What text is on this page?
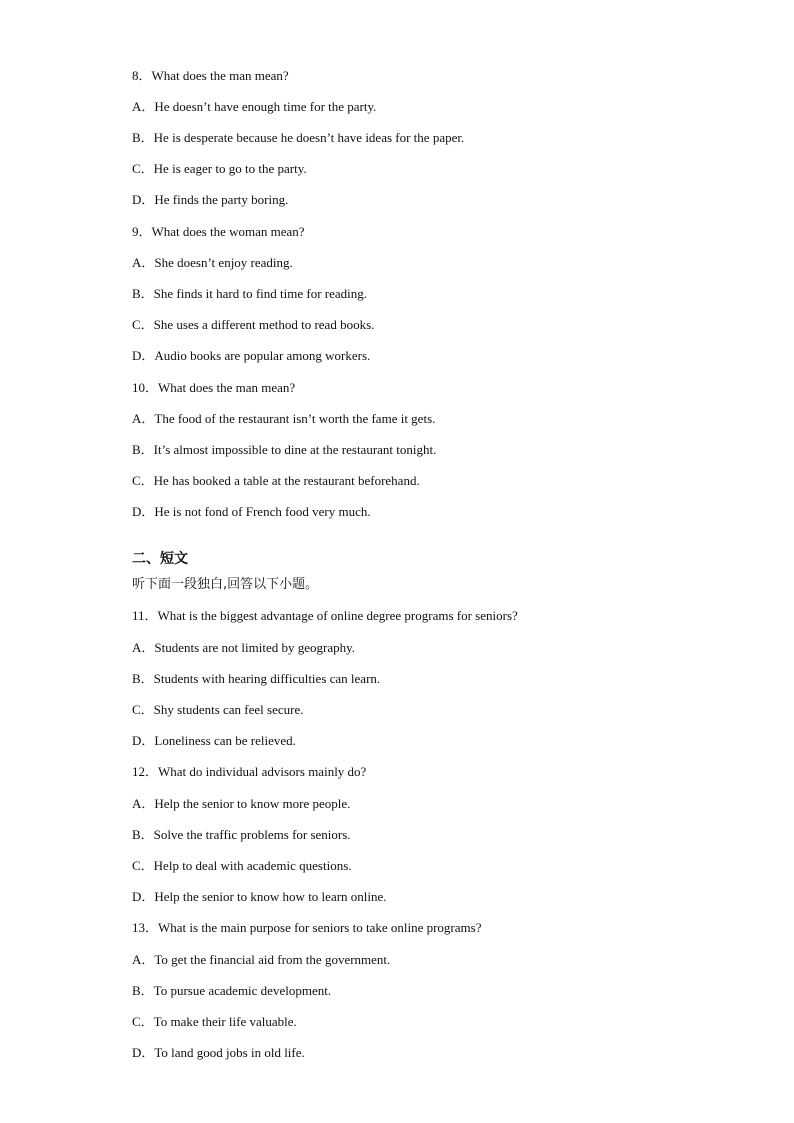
8．What does the man mean?
A．He doesn’t have enough time for the party.
B．He is desperate because he doesn’t have ideas for the paper.
C．He is eager to go to the party.
D．He finds the party boring.
9．What does the woman mean?
A．She doesn’t enjoy reading.
B．She finds it hard to find time for reading.
C．She uses a different method to read books.
D．Audio books are popular among workers.
10．What does the man mean?
A．The food of the restaurant isn’t worth the fame it gets.
B．It’s almost impossible to dine at the restaurant tonight.
C．He has booked a table at the restaurant beforehand.
D．He is not fond of French food very much.
二、短文
听下面一段独白,回答以下小题。
11．What is the biggest advantage of online degree programs for seniors?
A．Students are not limited by geography.
B．Students with hearing difficulties can learn.
C．Shy students can feel secure.
D．Loneliness can be relieved.
12．What do individual advisors mainly do?
A．Help the senior to know more people.
B．Solve the traffic problems for seniors.
C．Help to deal with academic questions.
D．Help the senior to know how to learn online.
13．What is the main purpose for seniors to take online programs?
A．To get the financial aid from the government.
B．To pursue academic development.
C．To make their life valuable.
D．To land good jobs in old life.
